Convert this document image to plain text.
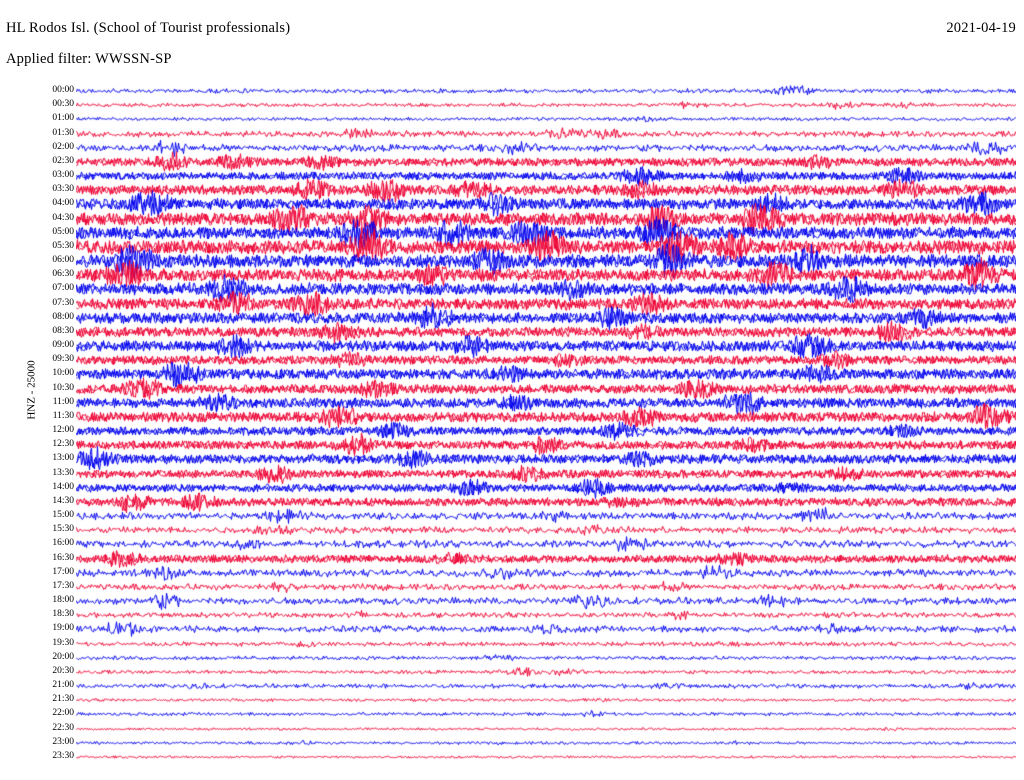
HL Rodos Isl. (School of Tourist professionals)
Applied filter: WWSSN-SP
2021-04-19
HNZ - 25000
00:00
00:30
01:00
01:30
02:00
02:30
03:00
03:30
04:00
04:30
05:00
05:30
06:00
06:30
07:00
07:30
08:00
08:30
09:00
09:30
10:00
10:30
11:00
11:30
12:00
12:30
13:00
13:30
14:00
14:30
15:00
15:30
16:00
16:30
17:00
17:30
18:00
18:30
19:00
19:30
20:00
20:30
21:00
21:30
22:00
22:30
23:00
23:30
